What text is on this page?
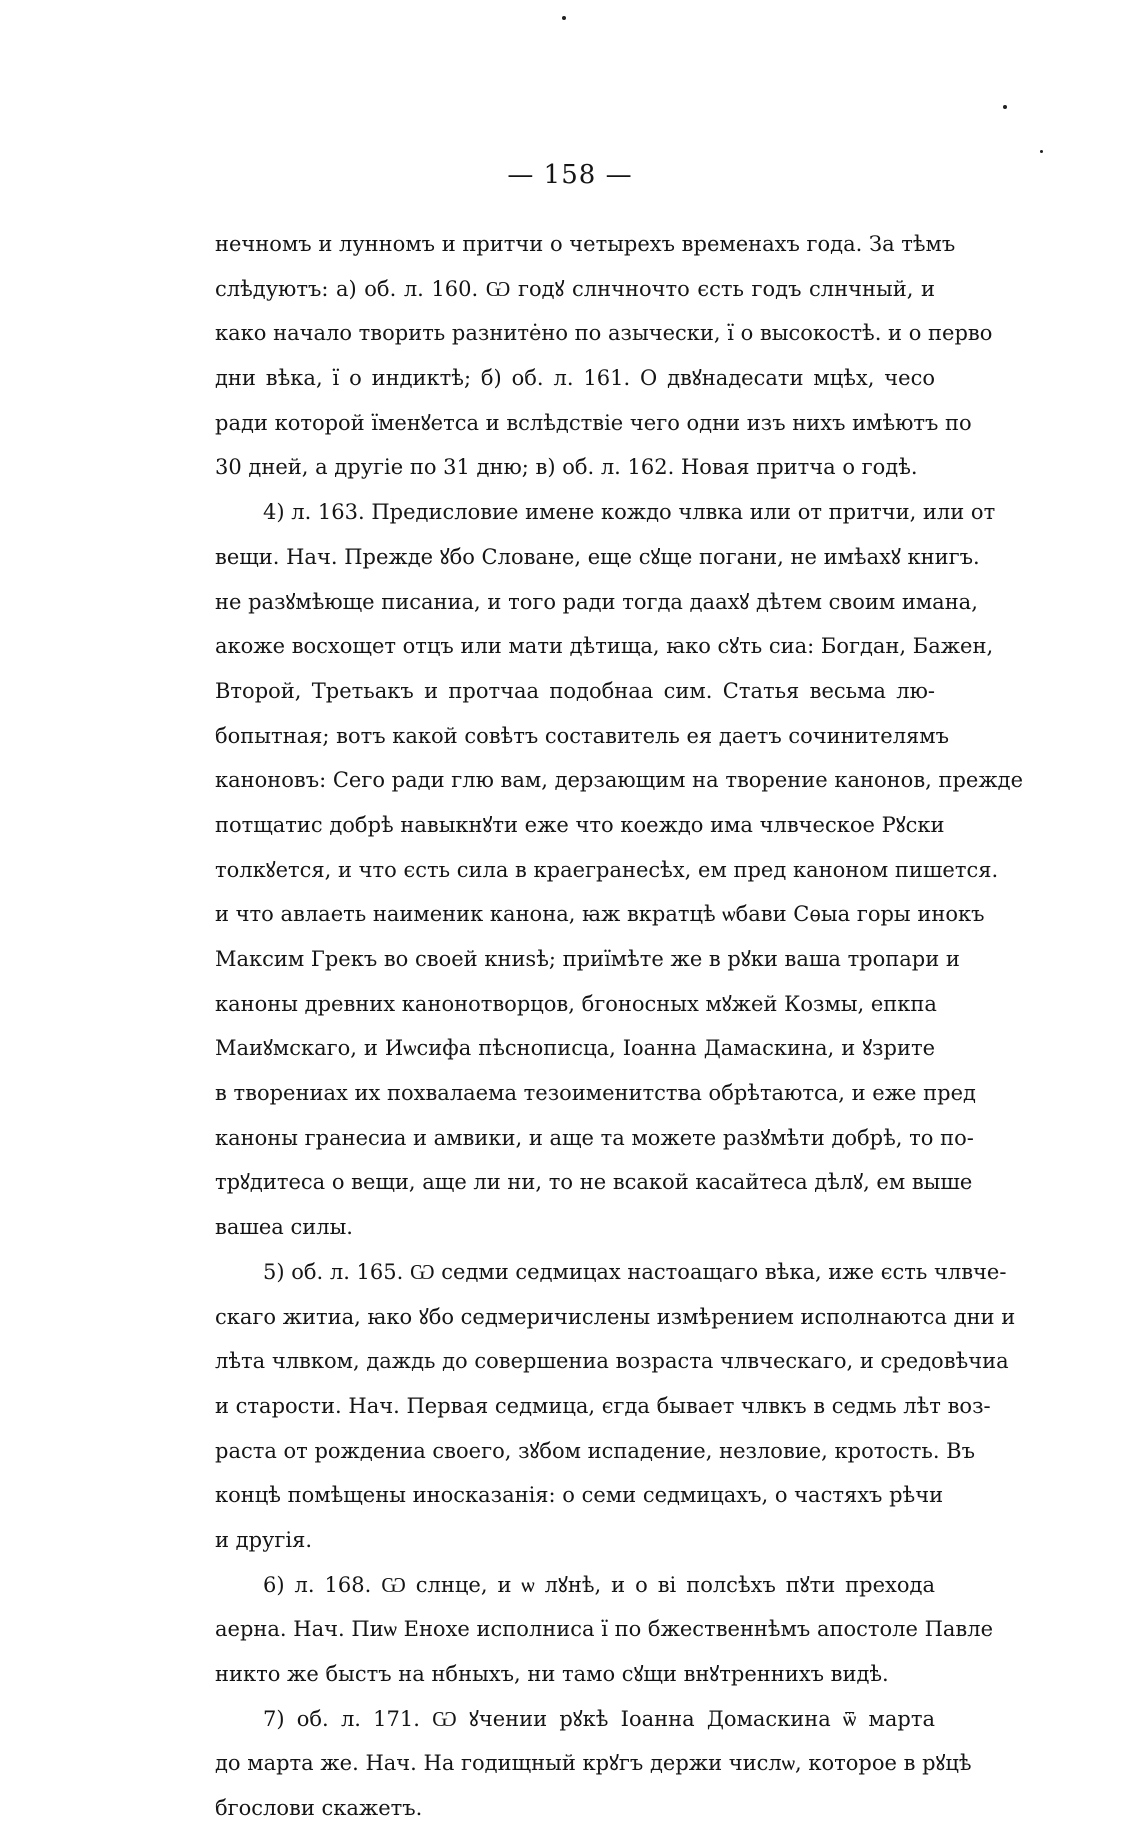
— 158 —
нечномъ и лунномъ и притчи о четырехъ временахъ года. За тѣмъ
слѣдуютъ: а) об. л. 160. Ѡ годꙋ слнчночто єсть годъ слнчный, и
како начало творить разните̇но по азычески, ї о высокостѣ. и о перво
дни вѣка, ї о индиктѣ; б) об. л. 161. О двꙋнадесати мцѣх, чесо
ради которой їменꙋетса и вслѣдствіе чего одни изъ нихъ имѣютъ по
30 дней, а другіе по 31 дню; в) об. л. 162. Новая притча о годѣ.
4) л. 163. Предисловие имене кождо члвка или от притчи, или от
вещи. Нач. Прежде ꙋбо Словане, еще сꙋще погани, не имѣахꙋ книгъ.
не разꙋмѣюще писаниа, и того ради тогда даахꙋ дѣтем своим имана,
акоже восхощет отцъ или мати дѣтища, ꙗко сꙋть сиа: Богдан, Бажен,
Второй, Третьакъ и протчаа подобнаа сим. Статья весьма лю-
бопытная; вотъ какой совѣтъ составитель ея даетъ сочинителямъ
каноновъ: Сего ради глю вам, дерзающим на творение канонов, прежде
потщатис добрѣ навыкнꙋти еже что коеждо има члвческое Рꙋски
толкꙋется, и что єсть сила в краегранесѣх, ем пред каноном пишется.
и что авлаеть наименик канона, ꙗж вкратцѣ ѡбави Сѳыа горы инокъ
Максим Грекъ во своей книѕѣ; приїмѣте же в рꙋки ваша тропари и
каноны древних канонотворцов, бгоносных мꙋжей Козмы, епкпа
Маиꙋмскаго, и Иѡсифа пѣснописца, Іоанна Дамаскина, и ꙋзрите
в творениах их похвалаема тезоименитства обрѣтаютса, и еже пред
каноны гранесиа и амвики, и аще та можете разꙋмѣти добрѣ, то по-
трꙋдитеса о вещи, аще ли ни, то не всакой касайтеса дѣлꙋ, ем выше
вашеа силы.
5) об. л. 165. Ѡ седми седмицах настоащаго вѣка, иже єсть члвче-
скаго житиа, ꙗко ꙋбо седмеричислены измѣрением исполнаютса дни и
лѣта члвком, даждь до совершениа возраста члвческаго, и средовѣчиа
и старости. Нач. Первая седмица, єгда бывает члвкъ в седмь лѣт воз-
раста от рождениа своего, зꙋбом испадение, незловие, кротость. Въ
концѣ помѣщены иносказанія: о семи седмицахъ, о частяхъ рѣчи
и другія.
6) л. 168. Ѡ слнце, и ѡ лꙋнѣ, и о ві полсѣхъ пꙋти прехода
аерна. Нач. Пиѡ Енохе исполниса ї по бжественнѣмъ апостоле Павле
никто же быстъ на нбныхъ, ни тамо сꙋщи внꙋтреннихъ видѣ.
7) об. л. 171. Ѡ ꙋчении рꙋкѣ Іоанна Домаскина ѿ марта
до марта же. Нач. На годищный крꙋгъ держи числѡ, которое в рꙋцѣ
бгослови скажетъ.
